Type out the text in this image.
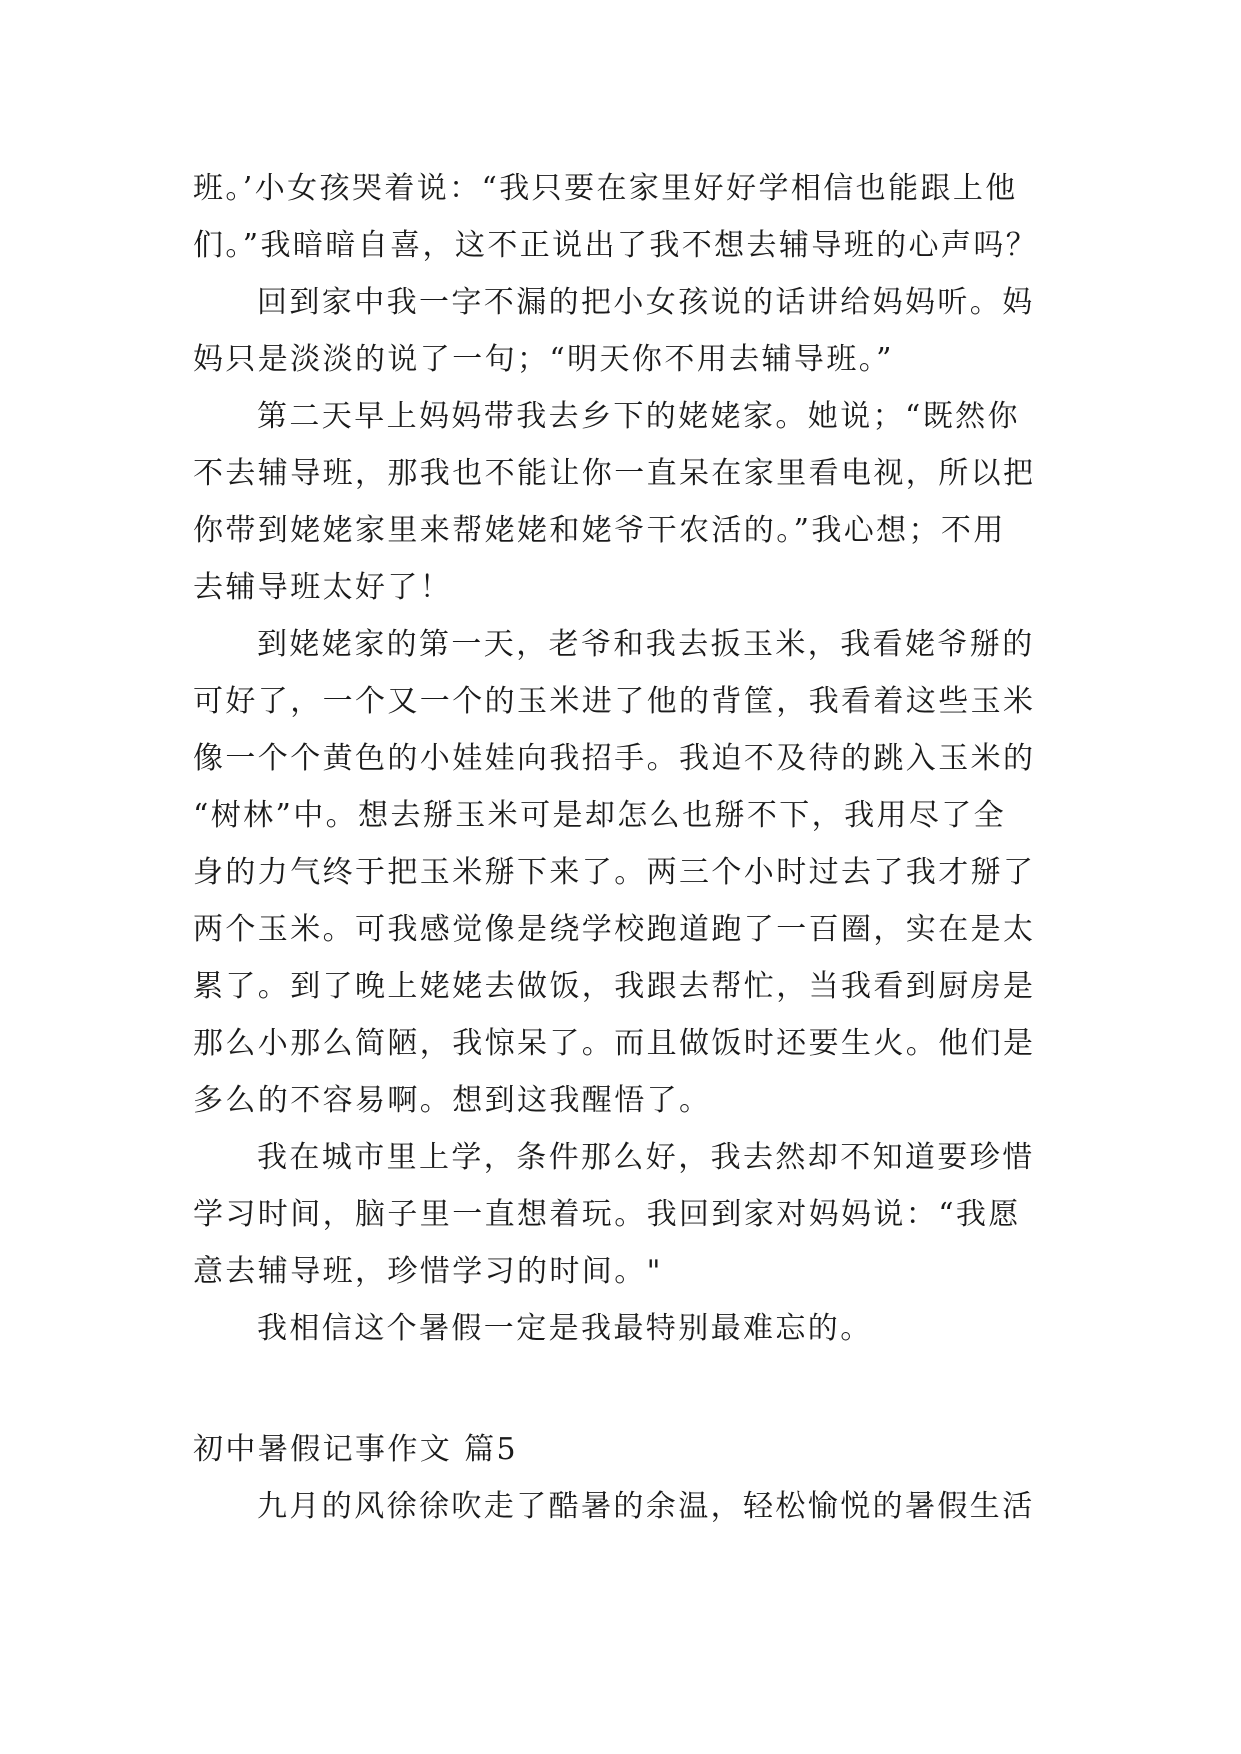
班。’小女孩哭着说：“我只要在家里好好学相信也能跟上他
们。”我暗暗自喜，这不正说出了我不想去辅导班的心声吗？
回到家中我一字不漏的把小女孩说的话讲给妈妈听。妈
妈只是淡淡的说了一句；“明天你不用去辅导班。”
第二天早上妈妈带我去乡下的姥姥家。她说；“既然你
不去辅导班，那我也不能让你一直呆在家里看电视，所以把
你带到姥姥家里来帮姥姥和姥爷干农活的。”我心想；不用
去辅导班太好了！
到姥姥家的第一天，老爷和我去扳玉米，我看姥爷掰的
可好了，一个又一个的玉米进了他的背筐，我看着这些玉米
像一个个黄色的小娃娃向我招手。我迫不及待的跳入玉米的
“树林”中。想去掰玉米可是却怎么也掰不下，我用尽了全
身的力气终于把玉米掰下来了。两三个小时过去了我才掰了
两个玉米。可我感觉像是绕学校跑道跑了一百圈，实在是太
累了。到了晚上姥姥去做饭，我跟去帮忙，当我看到厨房是
那么小那么简陋，我惊呆了。而且做饭时还要生火。他们是
多么的不容易啊。想到这我醒悟了。
我在城市里上学，条件那么好，我去然却不知道要珍惜
学习时间，脑子里一直想着玩。我回到家对妈妈说：“我愿
意去辅导班，珍惜学习的时间。"
我相信这个暑假一定是我最特别最难忘的。
初中暑假记事作文 篇5
九月的风徐徐吹走了酷暑的余温，轻松愉悦的暑假生活
